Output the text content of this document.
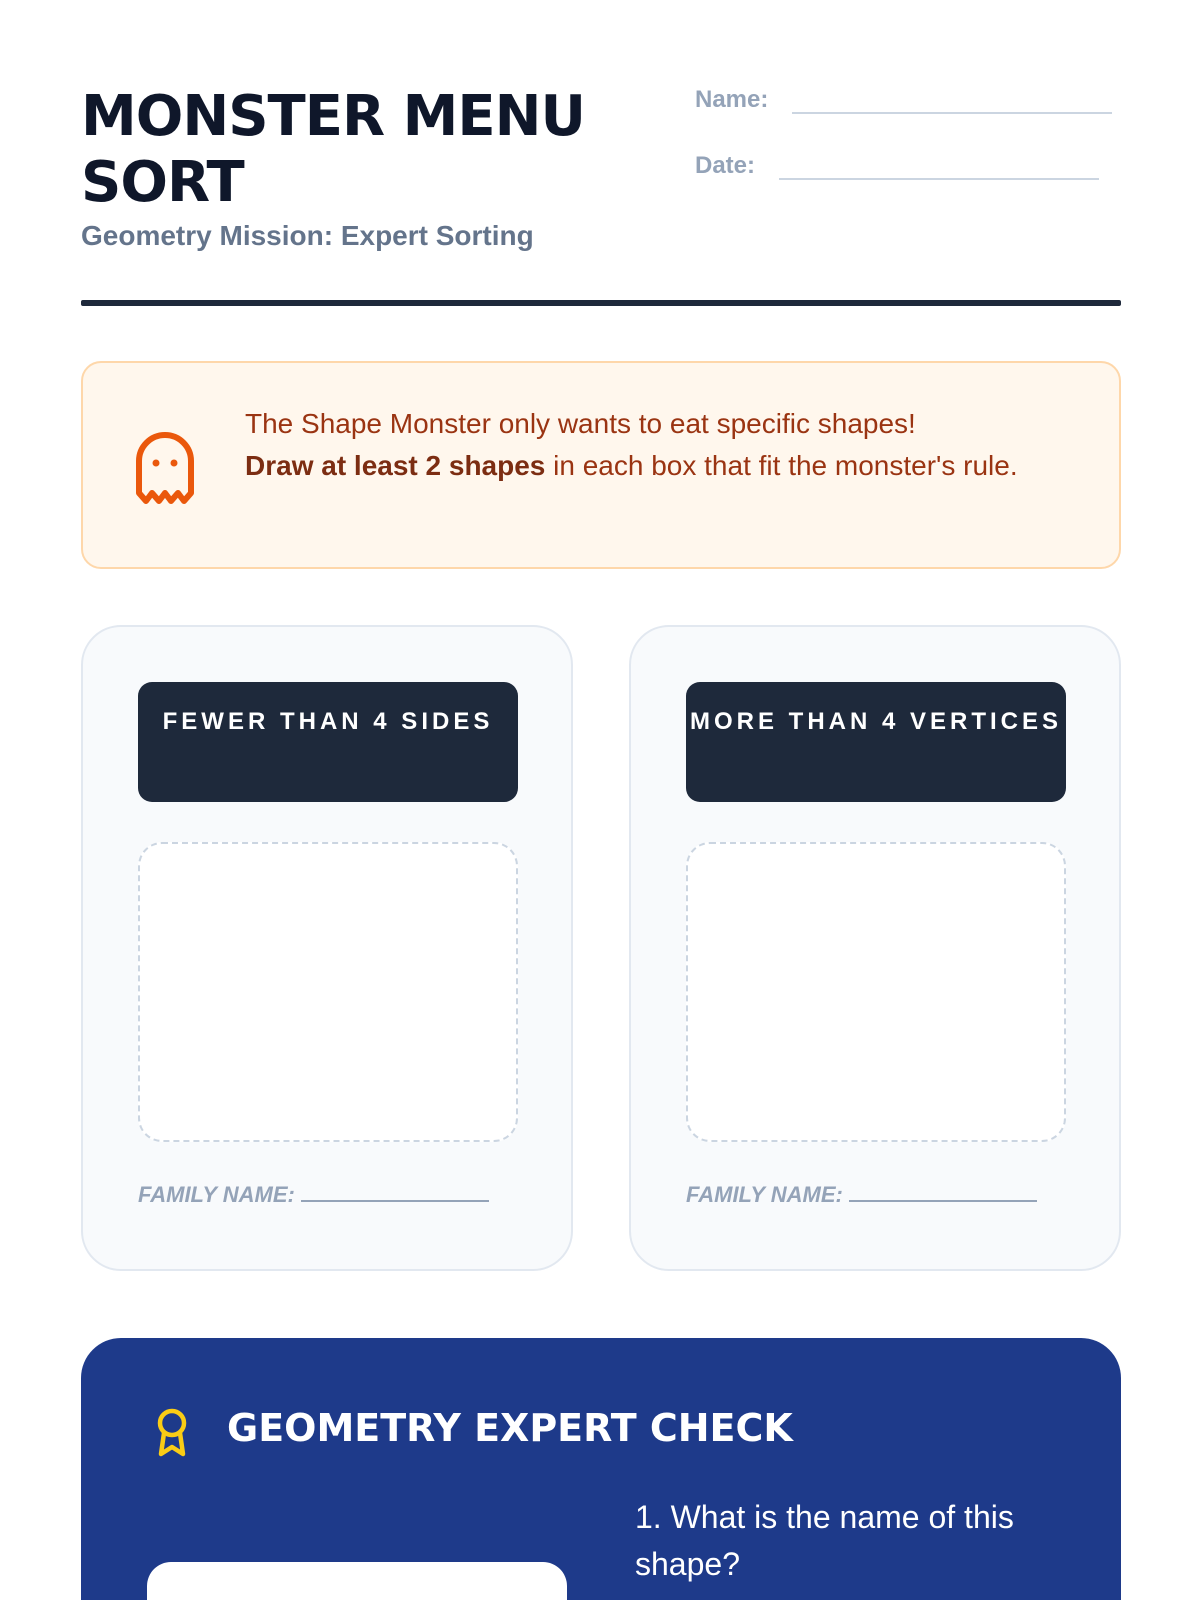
MONSTER MENU SORT
Geometry Mission: Expert Sorting
Name:
Date:
The Shape Monster only wants to eat specific shapes!
Draw at least 2 shapes in each box that fit the monster's rule.
FEWER THAN 4 SIDES
FAMILY NAME:
MORE THAN 4 VERTICES
FAMILY NAME:
GEOMETRY EXPERT CHECK
1. What is the name of this shape?
